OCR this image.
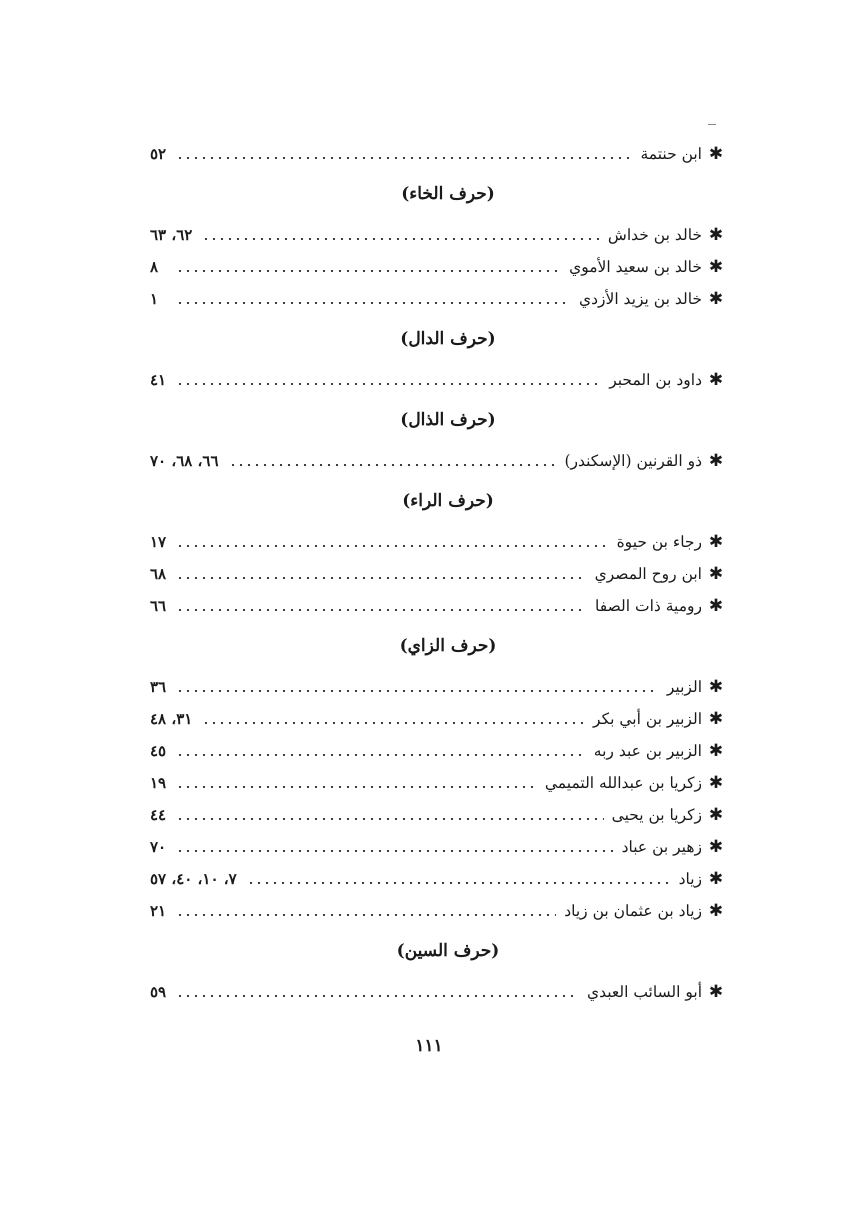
✱
ابن حنتمة
٥٢
(حرف الخاء)
✱
خالد بن خداش
٦٢، ٦٣
✱
خالد بن سعيد الأموي
٨
✱
خالد بن يزيد الأزدي
١
(حرف الدال)
✱
داود بن المحبر
٤١
(حرف الذال)
✱
ذو القرنين (الإسكندر)
٦٦، ٦٨، ٧٠
(حرف الراء)
✱
رجاء بن حيوة
١٧
✱
ابن روح المصري
٦٨
✱
رومية ذات الصفا
٦٦
(حرف الزاي)
✱
الزبير
٣٦
✱
الزبير بن أبي بكر
٣١، ٤٨
✱
الزبير بن عبد ربه
٤٥
✱
زكريا بن عبدالله التميمي
١٩
✱
زكريا بن يحيى
٤٤
✱
زهير بن عباد
٧٠
✱
زياد
٧، ١٠، ٤٠، ٥٧
✱
زياد بن عثمان بن زياد
٢١
(حرف السين)
✱
أبو السائب العبدي
٥٩
١١١
